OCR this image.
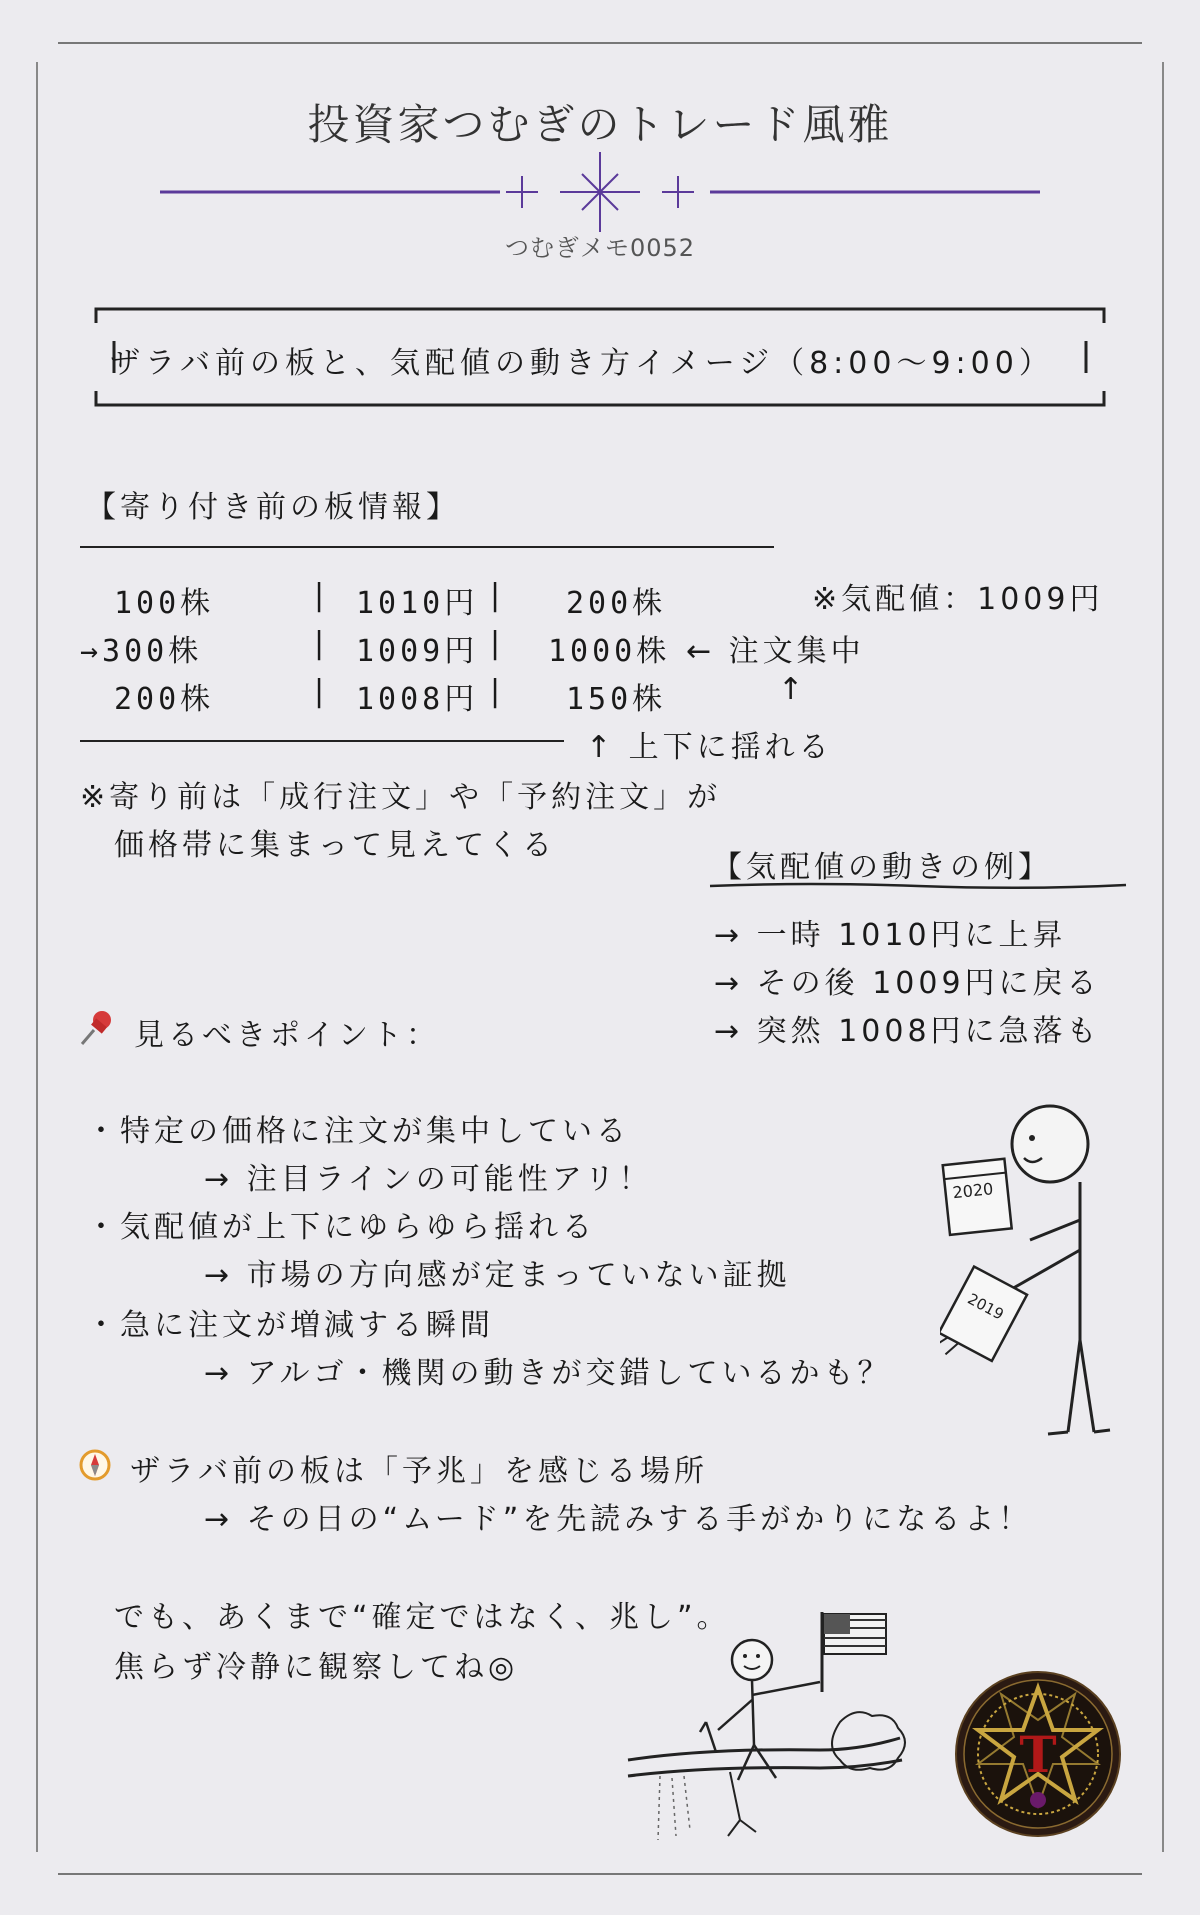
投資家つむぎのトレード風雅
つむぎメモ0052
ザラバ前の板と、気配値の動き方イメージ（8:00〜9:00）
【寄り付き前の板情報】
100株	| 1010円 | 200株
→300株	| 1009円 | 1000株
200株	| 1008円 | 150株
※気配値：1009円
← 注文集中
↑
↑ 上下に揺れる
※寄り前は「成行注文」や「予約注文」が
価格帯に集まって見えてくる
【気配値の動きの例】
→ 一時 1010円に上昇
→ その後 1009円に戻る
→ 突然 1008円に急落も
見るべきポイント：
・特定の価格に注文が集中している
→ 注目ラインの可能性アリ！
・気配値が上下にゆらゆら揺れる
→ 市場の方向感が定まっていない証拠
・急に注文が増減する瞬間
→ アルゴ・機関の動きが交錯しているかも？
2020
2019
ザラバ前の板は「予兆」を感じる場所
→ その日の“ムード”を先読みする手がかりになるよ！
でも、あくまで“確定ではなく、兆し”。
焦らず冷静に観察してね◎
T
